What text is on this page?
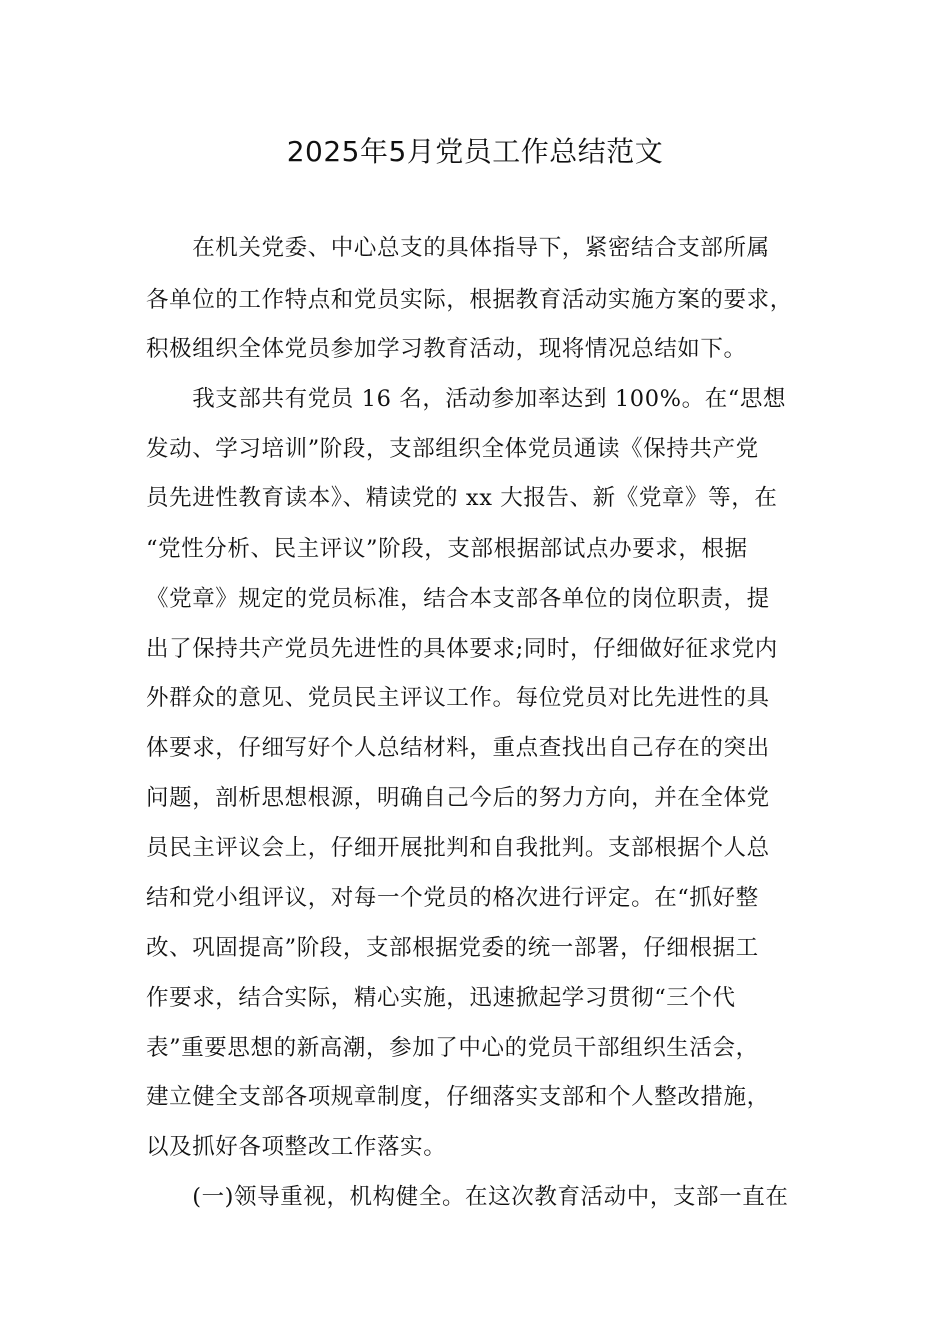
2025年5月党员工作总结范文

　　在机关党委、中心总支的具体指导下，紧密结合支部所属

各单位的工作特点和党员实际，根据教育活动实施方案的要求，

积极组织全体党员参加学习教育活动，现将情况总结如下。

　　我支部共有党员 16 名，活动参加率达到 100%。在“思想

发动、学习培训”阶段，支部组织全体党员通读《保持共产党

员先进性教育读本》、精读党的 xx 大报告、新《党章》等，在

“党性分析、民主评议”阶段，支部根据部试点办要求，根据

《党章》规定的党员标准，结合本支部各单位的岗位职责，提

出了保持共产党员先进性的具体要求;同时，仔细做好征求党内

外群众的意见、党员民主评议工作。每位党员对比先进性的具

体要求，仔细写好个人总结材料，重点查找出自己存在的突出

问题，剖析思想根源，明确自己今后的努力方向，并在全体党

员民主评议会上，仔细开展批判和自我批判。支部根据个人总

结和党小组评议，对每一个党员的格次进行评定。在“抓好整

改、巩固提高”阶段，支部根据党委的统一部署，仔细根据工

作要求，结合实际，精心实施，迅速掀起学习贯彻“三个代

表”重要思想的新高潮，参加了中心的党员干部组织生活会，

建立健全支部各项规章制度，仔细落实支部和个人整改措施，

以及抓好各项整改工作落实。

　　(一)领导重视，机构健全。在这次教育活动中，支部一直在
